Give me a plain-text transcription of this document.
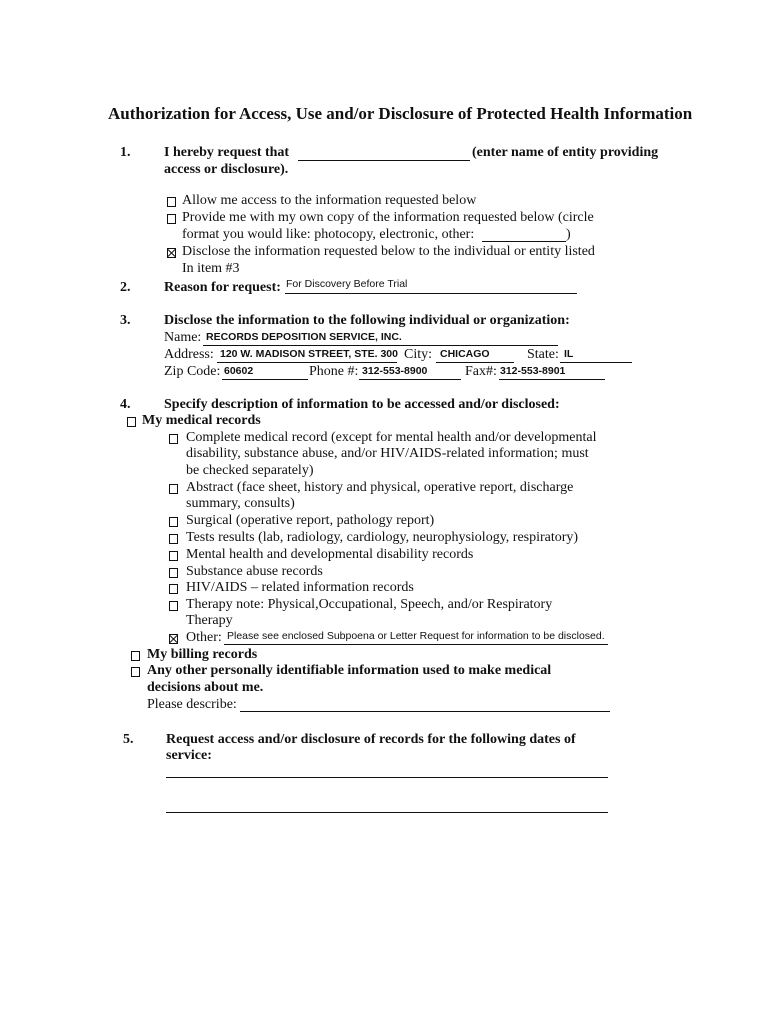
Authorization for Access, Use and/or Disclosure of Protected Health Information
1. I hereby request that	(enter name of entity providing
access or disclosure).
Allow me access to the information requested below
Provide me with my own copy of the information requested below (circle
format you would like: photocopy, electronic, other:	)
Disclose the information requested below to the individual or entity listed
In item #3
2. Reason for request: For Discovery Before Trial
3. Disclose the information to the following individual or organization:
Name: RECORDS DEPOSITION SERVICE, INC.
Address: 120 W. MADISON STREET, STE. 300 City: CHICAGO	State: IL
Zip Code: 60602	Phone #: 312-553-8900	Fax#: 312-553-8901
4. Specify description of information to be accessed and/or disclosed:
My medical records
Complete medical record (except for mental health and/or developmental
disability, substance abuse, and/or HIV/AIDS-related information; must
be checked separately)
Abstract (face sheet, history and physical, operative report, discharge
summary, consults)
Surgical (operative report, pathology report)
Tests results (lab, radiology, cardiology, neurophysiology, respiratory)
Mental health and developmental disability records
Substance abuse records
HIV/AIDS – related information records
Therapy note: Physical,Occupational, Speech, and/or Respiratory
Therapy
Other: Please see enclosed Subpoena or Letter Request for information to be disclosed.
My billing records
Any other personally identifiable information used to make medical
decisions about me.
Please describe:
5. Request access and/or disclosure of records for the following dates of
service:
